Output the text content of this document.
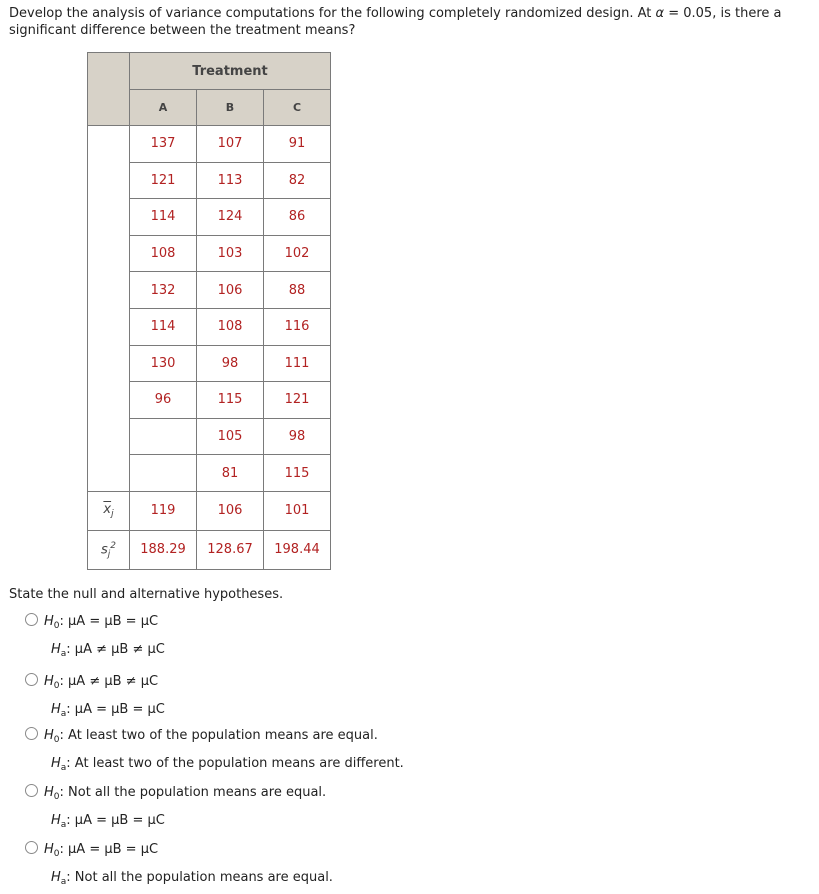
Develop the analysis of variance computations for the following completely randomized design. At α = 0.05, is there a significant difference between the treatment means?
	Treatment		
	A	B	C
	137	107	91
	121	113	82
	114	124	86
	108	103	102
	132	106	88
	114	108	116
	130	98	111
	96	115	121
		105	98
		81	115
$\overline{x}_j$	119	106	101
$s_j^2$	188.29	128.67	198.44
State the null and alternative hypotheses.
$H_0$: μA = μB = μC
$H_a$: μA ≠ μB ≠ μC
$H_0$: μA ≠ μB ≠ μC
$H_a$: μA = μB = μC
$H_0$: At least two of the population means are equal.
$H_a$: At least two of the population means are different.
$H_0$: Not all the population means are equal.
$H_a$: μA = μB = μC
$H_0$: μA = μB = μC
$H_a$: Not all the population means are equal.
